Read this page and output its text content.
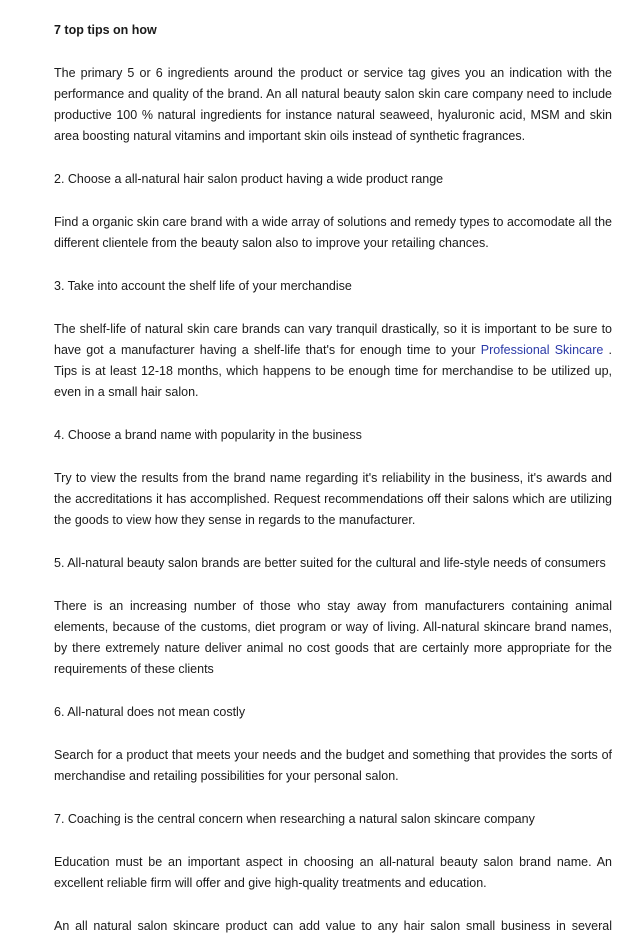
7 top tips on how
The primary 5 or 6 ingredients around the product or service tag gives you an indication with the performance and quality of the brand. An all natural beauty salon skin care company need to include productive 100 % natural ingredients for instance natural seaweed, hyaluronic acid, MSM and skin area boosting natural vitamins and important skin oils instead of synthetic fragrances.
2. Choose a all-natural hair salon product having a wide product range
Find a organic skin care brand with a wide array of solutions and remedy types to accomodate all the different clientele from the beauty salon also to improve your retailing chances.
3. Take into account the shelf life of your merchandise
The shelf-life of natural skin care brands can vary tranquil drastically, so it is important to be sure to have got a manufacturer having a shelf-life that's for enough time to your Professional Skincare . Tips is at least 12-18 months, which happens to be enough time for merchandise to be utilized up, even in a small hair salon.
4. Choose a brand name with popularity in the business
Try to view the results from the brand name regarding it's reliability in the business, it's awards and the accreditations it has accomplished. Request recommendations off their salons which are utilizing the goods to view how they sense in regards to the manufacturer.
5. All-natural beauty salon brands are better suited for the cultural and life-style needs of consumers
There is an increasing number of those who stay away from manufacturers containing animal elements, because of the customs, diet program or way of living. All-natural skincare brand names, by there extremely nature deliver animal no cost goods that are certainly more appropriate for the requirements of these clients
6. All-natural does not mean costly
Search for a product that meets your needs and the budget and something that provides the sorts of merchandise and retailing possibilities for your personal salon.
7. Coaching is the central concern when researching a natural salon skincare company
Education must be an important aspect in choosing an all-natural beauty salon brand name. An excellent reliable firm will offer and give high-quality treatments and education.
An all natural salon skincare product can add value to any hair salon small business in several
